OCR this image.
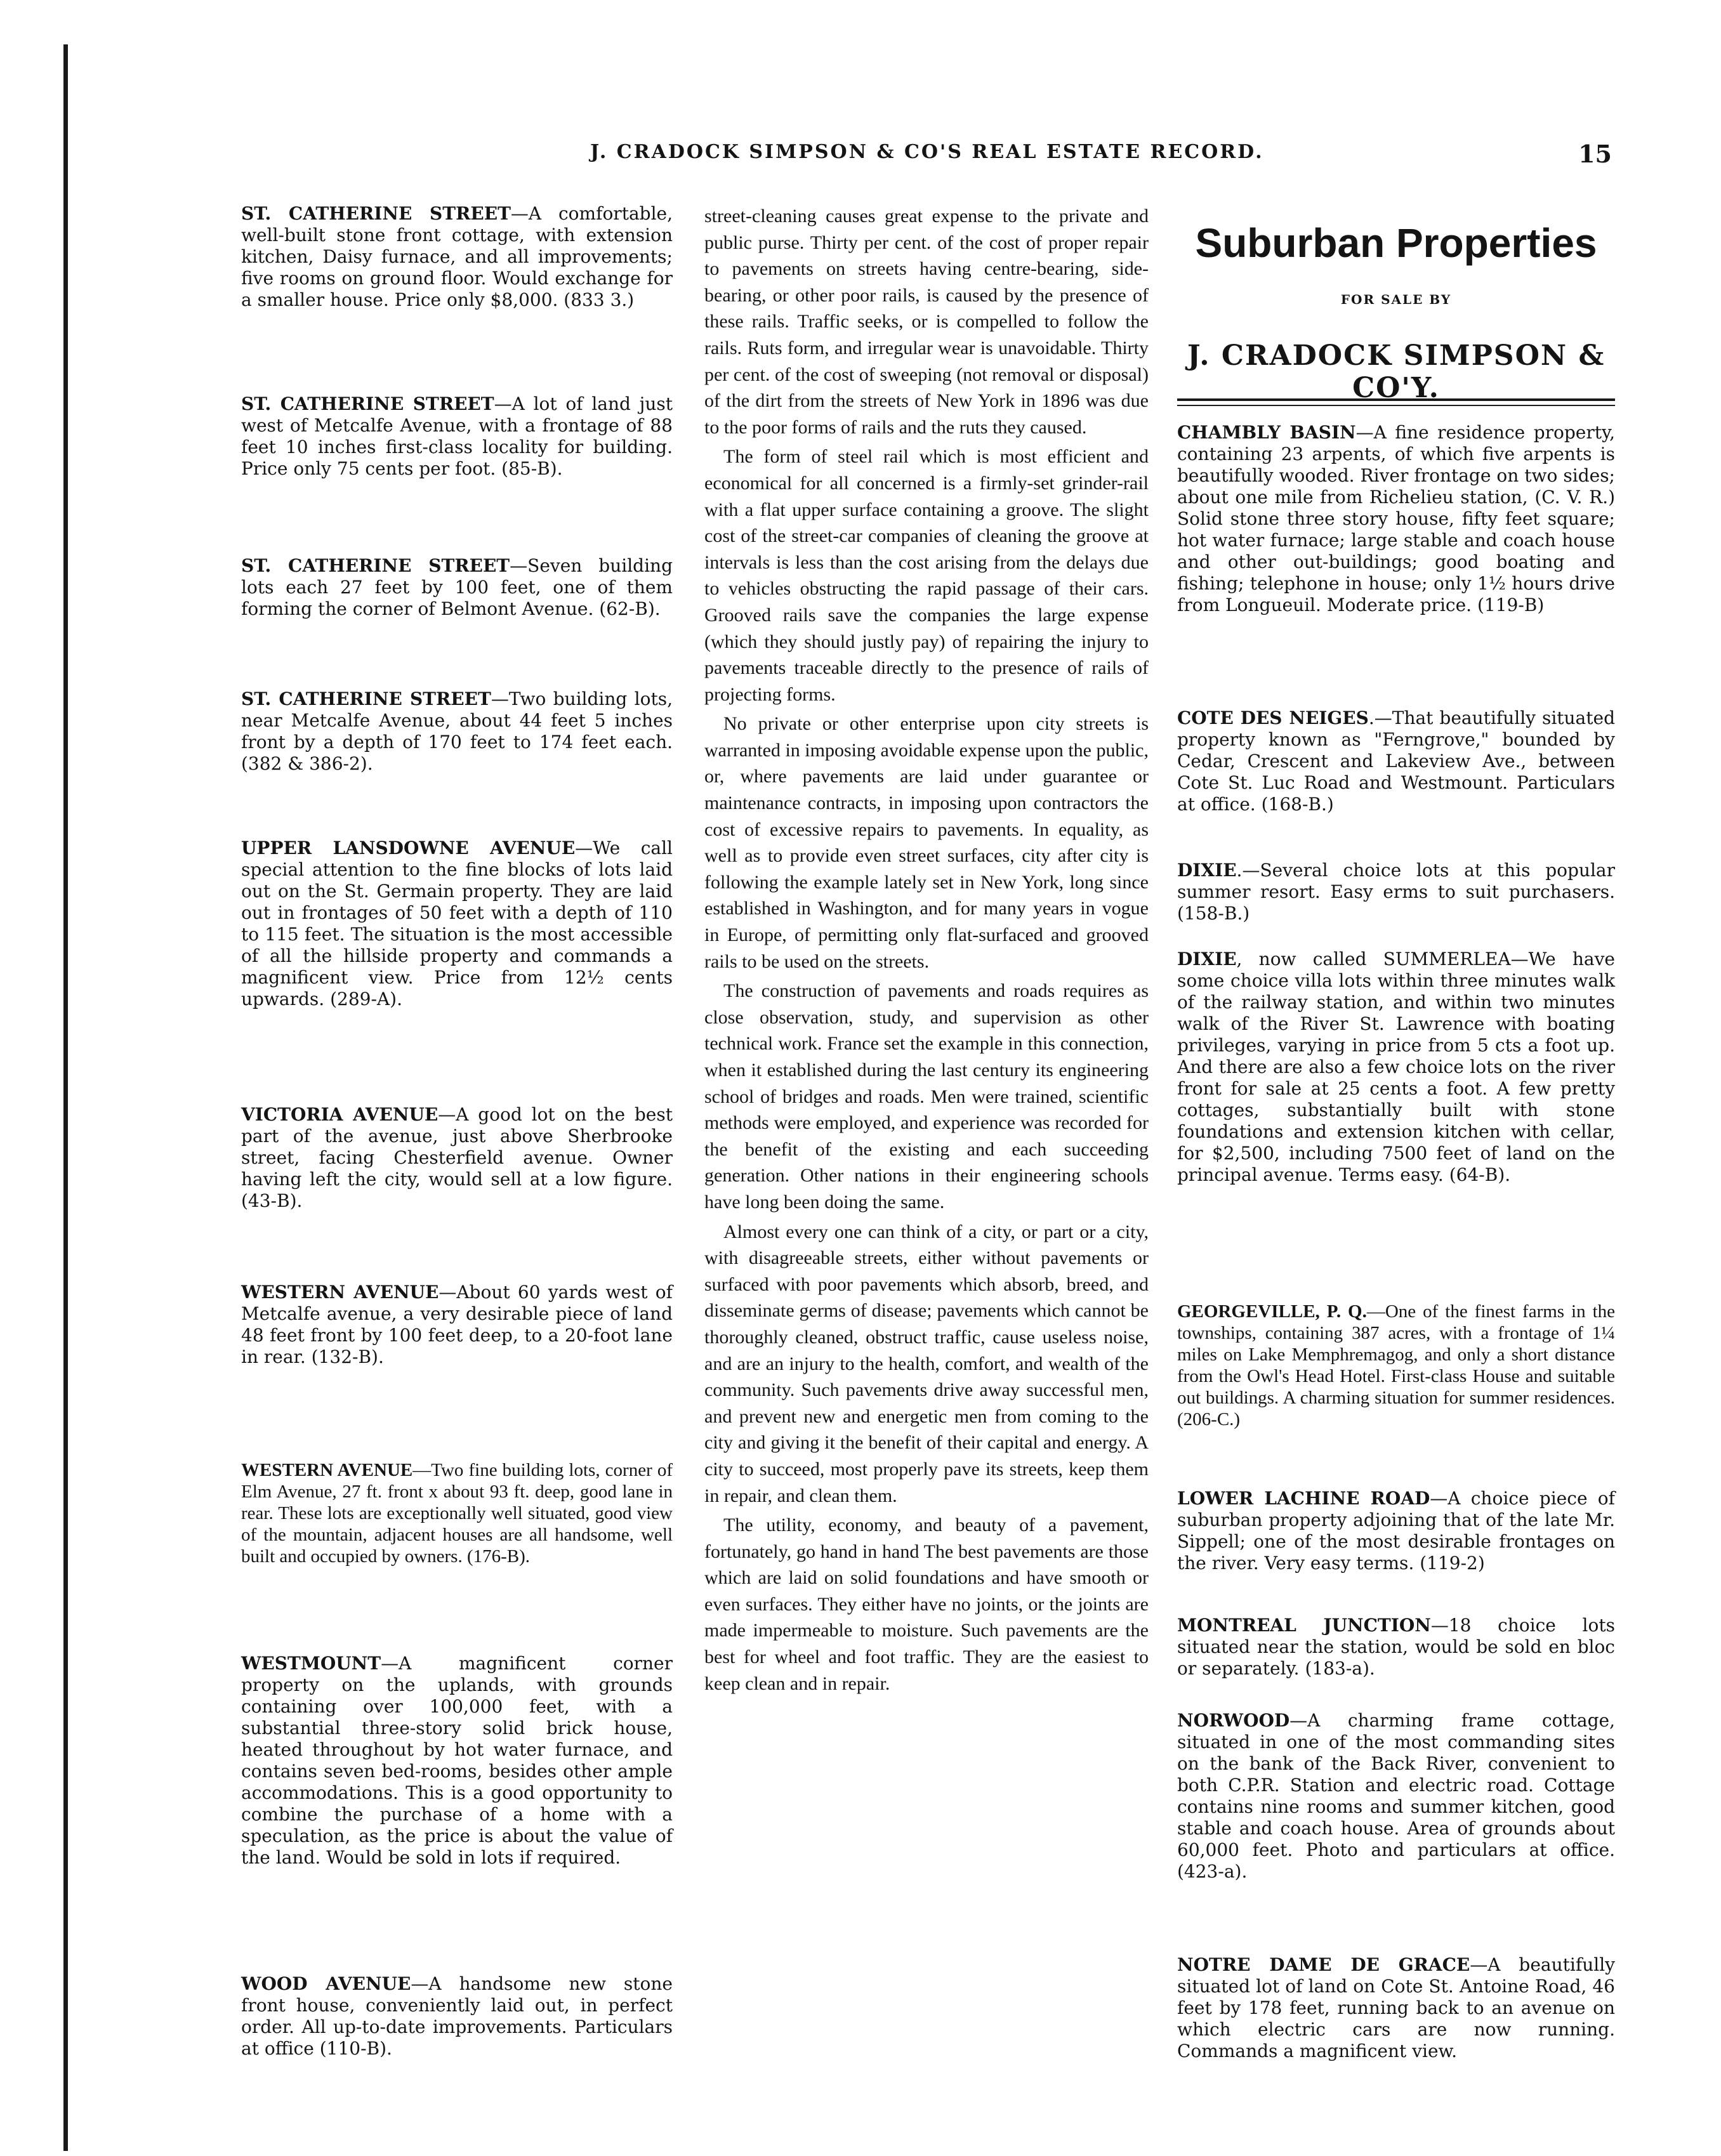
J. CRADOCK SIMPSON & CO'S REAL ESTATE RECORD.	15
ST. CATHERINE STREET—A comfortable, well-built stone front cottage, with extension kitchen, Daisy furnace, and all improvements; five rooms on ground floor. Would exchange for a smaller house. Price only $8,000. (833 3.)
ST. CATHERINE STREET—A lot of land just west of Metcalfe Avenue, with a frontage of 88 feet 10 inches first-class locality for building. Price only 75 cents per foot. (85-B).
ST. CATHERINE STREET—Seven building lots each 27 feet by 100 feet, one of them forming the corner of Belmont Avenue. (62-B).
ST. CATHERINE STREET—Two building lots, near Metcalfe Avenue, about 44 feet 5 inches front by a depth of 170 feet to 174 feet each. (382 & 386-2).
UPPER LANSDOWNE AVENUE—We call special attention to the fine blocks of lots laid out on the St. Germain property. They are laid out in frontages of 50 feet with a depth of 110 to 115 feet. The situation is the most accessible of all the hillside property and commands a magnificent view. Price from 12½ cents upwards. (289-A).
VICTORIA AVENUE—A good lot on the best part of the avenue, just above Sherbrooke street, facing Chesterfield avenue. Owner having left the city, would sell at a low figure. (43-B).
WESTERN AVENUE—About 60 yards west of Metcalfe avenue, a very desirable piece of land 48 feet front by 100 feet deep, to a 20-foot lane in rear. (132-B).
WESTERN AVENUE—Two fine building lots, corner of Elm Avenue, 27 ft. front x about 93 ft. deep, good lane in rear. These lots are exceptionally well situated, good view of the mountain, adjacent houses are all handsome, well built and occupied by owners. (176-B).
WESTMOUNT—A magnificent corner property on the uplands, with grounds containing over 100,000 feet, with a substantial three-story solid brick house, heated throughout by hot water furnace, and contains seven bed-rooms, besides other ample accommodations. This is a good opportunity to combine the purchase of a home with a speculation, as the price is about the value of the land. Would be sold in lots if required.
WOOD AVENUE—A handsome new stone front house, conveniently laid out, in perfect order. All up-to-date improvements. Particulars at office (110-B).

street-cleaning causes great expense to the private and public purse. Thirty per cent. of the cost of proper repair to pavements on streets having centre-bearing, side-bearing, or other poor rails, is caused by the presence of these rails. Traffic seeks, or is compelled to follow the rails. Ruts form, and irregular wear is unavoidable. Thirty per cent. of the cost of sweeping (not removal or disposal) of the dirt from the streets of New York in 1896 was due to the poor forms of rails and the ruts they caused.

The form of steel rail which is most efficient and economical for all concerned is a firmly-set grinder-rail with a flat upper surface containing a groove. The slight cost of the street-car companies of cleaning the groove at intervals is less than the cost arising from the delays due to vehicles obstructing the rapid passage of their cars. Grooved rails save the companies the large expense (which they should justly pay) of repairing the injury to pavements traceable directly to the presence of rails of projecting forms.

No private or other enterprise upon city streets is warranted in imposing avoidable expense upon the public, or, where pavements are laid under guarantee or maintenance contracts, in imposing upon contractors the cost of excessive repairs to pavements. In equality, as well as to provide even street surfaces, city after city is following the example lately set in New York, long since established in Washington, and for many years in vogue in Europe, of permitting only flat-surfaced and grooved rails to be used on the streets.

The construction of pavements and roads requires as close observation, study, and supervision as other technical work. France set the example in this connection, when it established during the last century its engineering school of bridges and roads. Men were trained, scientific methods were employed, and experience was recorded for the benefit of the existing and each succeeding generation. Other nations in their engineering schools have long been doing the same.

Almost every one can think of a city, or part or a city, with disagreeable streets, either without pavements or surfaced with poor pavements which absorb, breed, and disseminate germs of disease; pavements which cannot be thoroughly cleaned, obstruct traffic, cause useless noise, and are an injury to the health, comfort, and wealth of the community. Such pavements drive away successful men, and prevent new and energetic men from coming to the city and giving it the benefit of their capital and energy. A city to succeed, most properly pave its streets, keep them in repair, and clean them.

The utility, economy, and beauty of a pavement, fortunately, go hand in hand The best pavements are those which are laid on solid foundations and have smooth or even surfaces. They either have no joints, or the joints are made impermeable to moisture. Such pavements are the best for wheel and foot traffic. They are the easiest to keep clean and in repair.

Suburban Properties
FOR SALE BY
J. CRADOCK SIMPSON & CO'Y.
CHAMBLY BASIN—A fine residence property, containing 23 arpents, of which five arpents is beautifully wooded. River frontage on two sides; about one mile from Richelieu station, (C. V. R.) Solid stone three story house, fifty feet square; hot water furnace; large stable and coach house and other out-buildings; good boating and fishing; telephone in house; only 1½ hours drive from Longueuil. Moderate price. (119-B)
COTE DES NEIGES.—That beautifully situated property known as "Ferngrove," bounded by Cedar, Crescent and Lakeview Ave., between Cote St. Luc Road and Westmount. Particulars at office. (168-B.)
DIXIE.—Several choice lots at this popular summer resort. Easy erms to suit purchasers. (158-B.)
DIXIE, now called SUMMERLEA—We have some choice villa lots within three minutes walk of the railway station, and within two minutes walk of the River St. Lawrence with boating privileges, varying in price from 5 cts a foot up. And there are also a few choice lots on the river front for sale at 25 cents a foot. A few pretty cottages, substantially built with stone foundations and extension kitchen with cellar, for $2,500, including 7500 feet of land on the principal avenue. Terms easy. (64-B).
GEORGEVILLE, P. Q.—One of the finest farms in the townships, containing 387 acres, with a frontage of 1¼ miles on Lake Memphremagog, and only a short distance from the Owl's Head Hotel. First-class House and suitable out buildings. A charming situation for summer residences. (206-C.)
LOWER LACHINE ROAD—A choice piece of suburban property adjoining that of the late Mr. Sippell; one of the most desirable frontages on the river. Very easy terms. (119-2)
MONTREAL JUNCTION—18 choice lots situated near the station, would be sold en bloc or separately. (183-a).
NORWOOD—A charming frame cottage, situated in one of the most commanding sites on the bank of the Back River, convenient to both C.P.R. Station and electric road. Cottage contains nine rooms and summer kitchen, good stable and coach house. Area of grounds about 60,000 feet. Photo and particulars at office. (423-a).
NOTRE DAME DE GRACE—A beautifully situated lot of land on Cote St. Antoine Road, 46 feet by 178 feet, running back to an avenue on which electric cars are now running. Commands a magnificent view.
